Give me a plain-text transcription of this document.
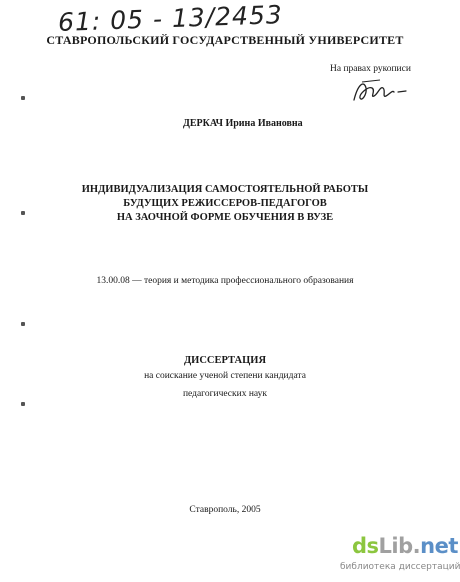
61: 05 - 13/2453
СТАВРОПОЛЬСКИЙ ГОСУДАРСТВЕННЫЙ УНИВЕРСИТЕТ
На правах рукописи
ДЕРКАЧ Ирина Ивановна
ИНДИВИДУАЛИЗАЦИЯ САМОСТОЯТЕЛЬНОЙ РАБОТЫ
БУДУЩИХ РЕЖИССЕРОВ-ПЕДАГОГОВ
НА ЗАОЧНОЙ ФОРМЕ ОБУЧЕНИЯ В ВУЗЕ
13.00.08 — теория и методика профессионального образования
ДИССЕРТАЦИЯ
на соискание ученой степени кандидата
педагогических наук
Ставрополь, 2005
dsLib.net
библиотека диссертаций
